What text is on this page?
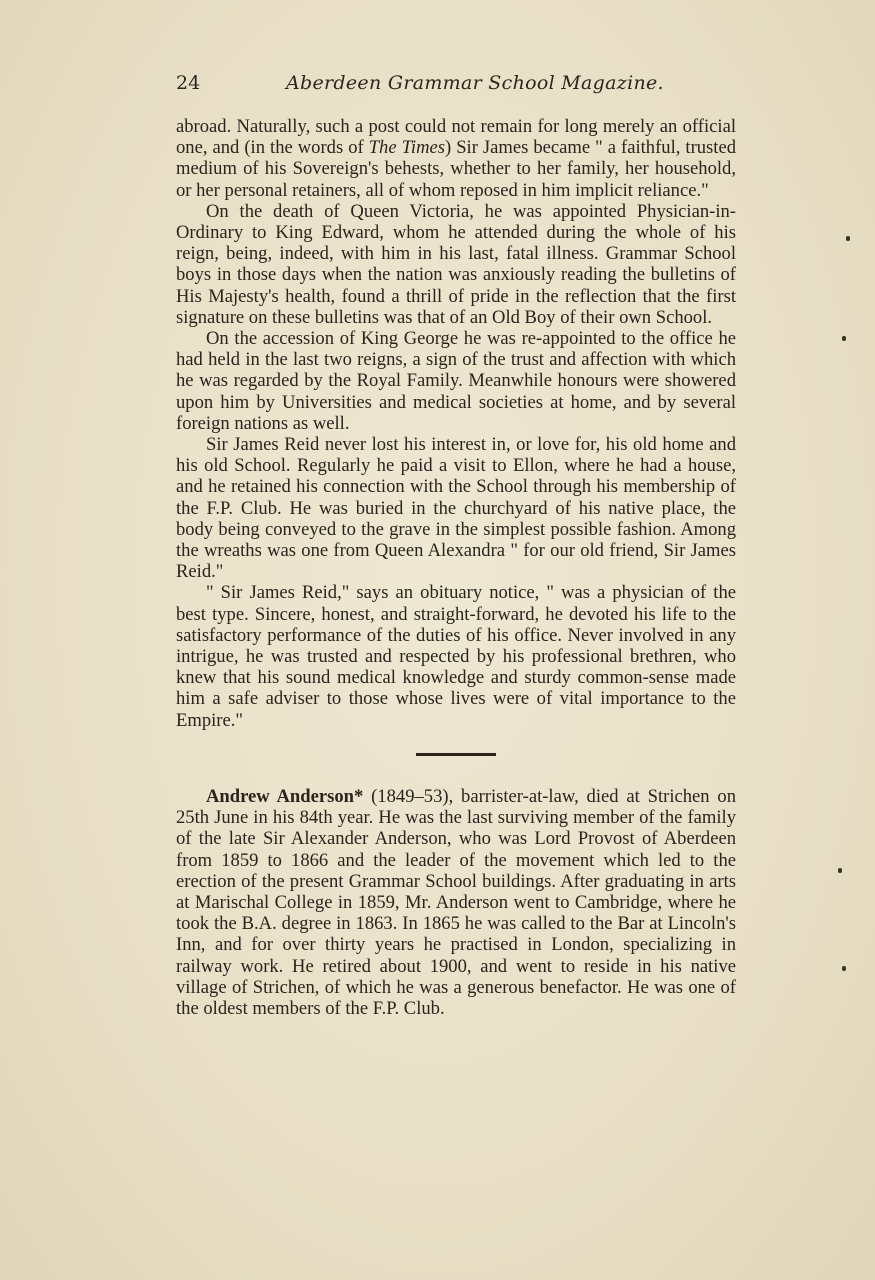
24	Aberdeen Grammar School Magazine.

abroad. Naturally, such a post could not remain for long merely an official one, and (in the words of The Times) Sir James became " a faithful, trusted medium of his Sovereign's behests, whether to her family, her household, or her personal retainers, all of whom reposed in him implicit reliance."

On the death of Queen Victoria, he was appointed Physician-in-Ordinary to King Edward, whom he attended during the whole of his reign, being, indeed, with him in his last, fatal illness. Grammar School boys in those days when the nation was anxiously reading the bulletins of His Majesty's health, found a thrill of pride in the reflection that the first signature on these bulletins was that of an Old Boy of their own School.

On the accession of King George he was re-appointed to the office he had held in the last two reigns, a sign of the trust and affection with which he was regarded by the Royal Family. Meanwhile honours were showered upon him by Universities and medical societies at home, and by several foreign nations as well.

Sir James Reid never lost his interest in, or love for, his old home and his old School. Regularly he paid a visit to Ellon, where he had a house, and he retained his connection with the School through his membership of the F.P. Club. He was buried in the churchyard of his native place, the body being conveyed to the grave in the simplest possible fashion. Among the wreaths was one from Queen Alexandra " for our old friend, Sir James Reid."

" Sir James Reid," says an obituary notice, " was a physician of the best type. Sincere, honest, and straight-forward, he devoted his life to the satisfactory performance of the duties of his office. Never involved in any intrigue, he was trusted and respected by his professional brethren, who knew that his sound medical knowledge and sturdy common-sense made him a safe adviser to those whose lives were of vital importance to the Empire."

Andrew Anderson* (1849–53), barrister-at-law, died at Strichen on 25th June in his 84th year. He was the last surviving member of the family of the late Sir Alexander Anderson, who was Lord Provost of Aberdeen from 1859 to 1866 and the leader of the movement which led to the erection of the present Grammar School buildings. After graduating in arts at Marischal College in 1859, Mr. Anderson went to Cambridge, where he took the B.A. degree in 1863. In 1865 he was called to the Bar at Lincoln's Inn, and for over thirty years he practised in London, specializing in railway work. He retired about 1900, and went to reside in his native village of Strichen, of which he was a generous benefactor. He was one of the oldest members of the F.P. Club.
